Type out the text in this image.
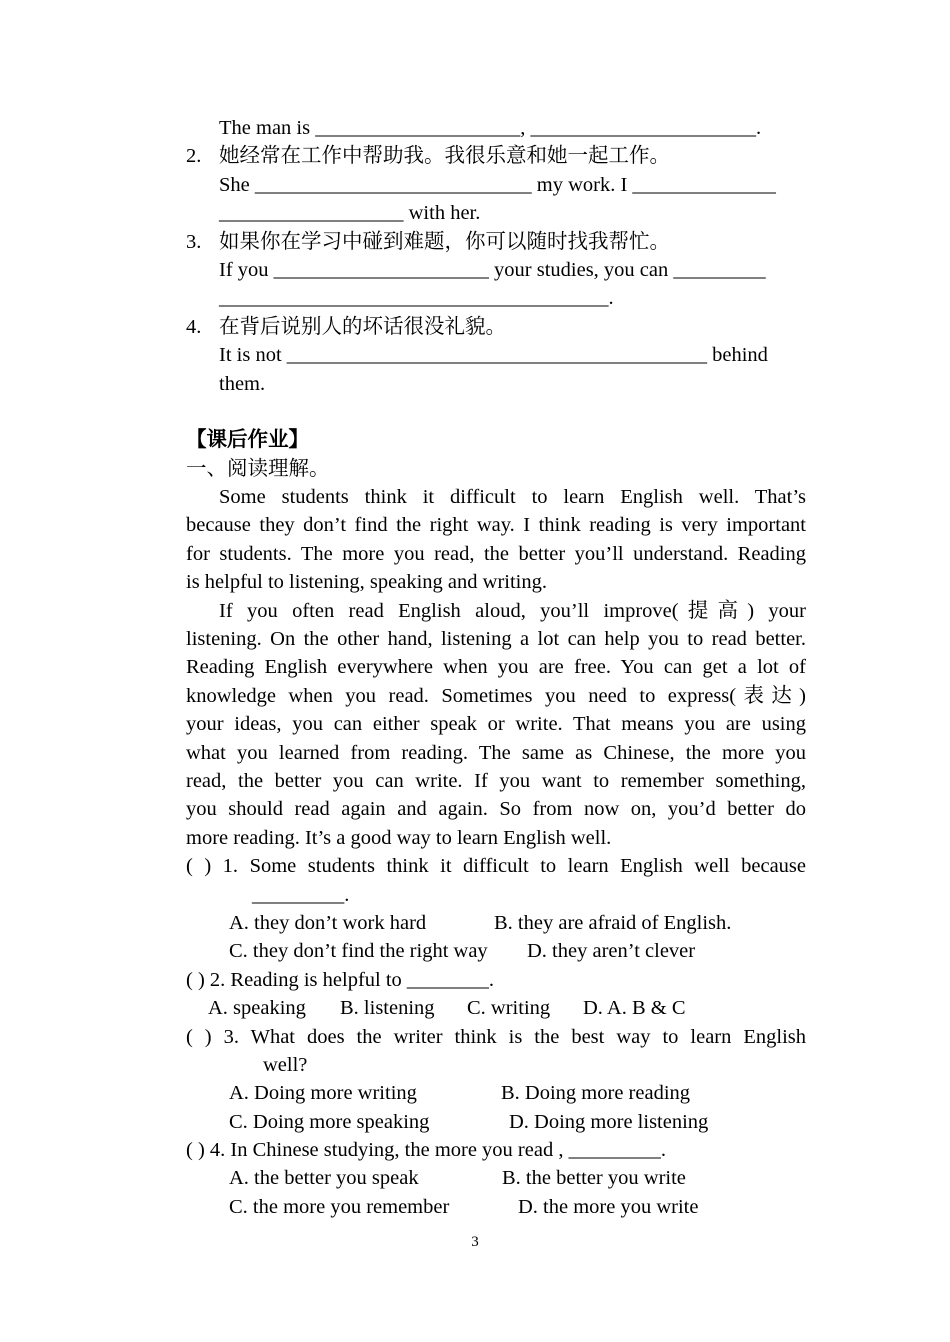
The man is ____________________, ______________________.
2. 她经常在工作中帮助我。我很乐意和她一起工作。
She ___________________________ my work. I ______________
__________________ with her.
3. 如果你在学习中碰到难题，你可以随时找我帮忙。
If you _____________________ your studies, you can _________
______________________________________.
4. 在背后说别人的坏话很没礼貌。
It is not _________________________________________ behind
them.
【课后作业】
一、阅读理解。
Some students think it difficult to learn English well. That’s
because they don’t find the right way. I think reading is very important
for students. The more you read, the better you’ll understand. Reading
is helpful to listening, speaking and writing.
If you often read English aloud, you’ll improve(提高) your
listening. On the other hand, listening a lot can help you to read better.
Reading English everywhere when you are free. You can get a lot of
knowledge when you read. Sometimes you need to express(表达)
your ideas, you can either speak or write. That means you are using
what you learned from reading. The same as Chinese, the more you
read, the better you can write. If you want to remember something,
you should read again and again. So from now on, you’d better do
more reading. It’s a good way to learn English well.
( ) 1. Some students think it difficult to learn English well because
_________.
A. they don’t work hard	B. they are afraid of English.
C. they don’t find the right way D. they aren’t clever
( ) 2. Reading is helpful to ________.
A. speaking B. listening C. writing D. A. B & C
( ) 3. What does the writer think is the best way to learn English
well?
A. Doing more writing	B. Doing more reading
C. Doing more speaking	D. Doing more listening
( ) 4. In Chinese studying, the more you read , _________.
A. the better you speak	B. the better you write
C. the more you remember	D. the more you write
3
